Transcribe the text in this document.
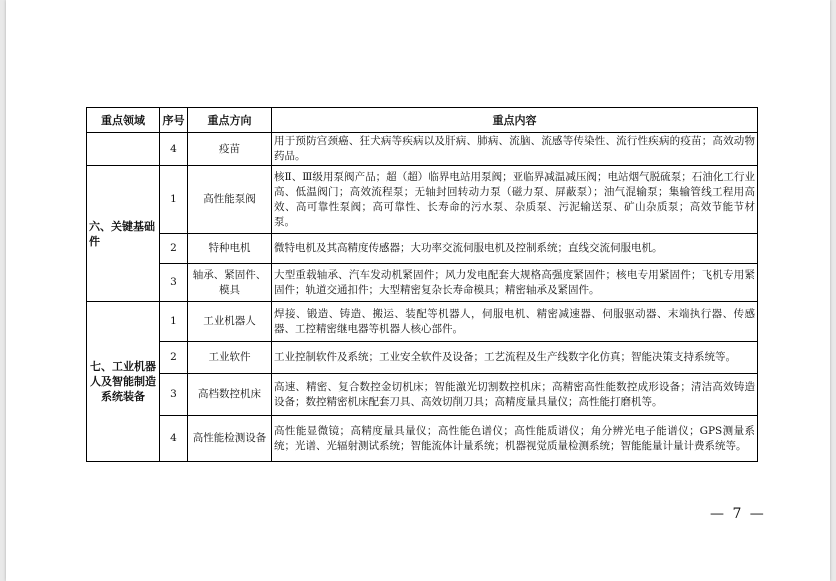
重点领域	序号	重点方向	重点内容
	4	疫苗	用于预防宫颈癌、狂犬病等疾病以及肝病、肺病、流脑、流感等传染性、流行性疾病的疫苗；高效动物药品。
六、关键基础件	1	高性能泵阀	核Ⅱ、Ⅲ级用泵阀产品；超（超）临界电站用泵阀；亚临界减温减压阀；电站烟气脱硫泵；石油化工行业高、低温阀门；高效流程泵；无轴封回转动力泵（磁力泵、屏蔽泵）；油气混输泵；集输管线工程用高效、高可靠性泵阀；高可靠性、长寿命的污水泵、杂质泵、污泥输送泵、矿山杂质泵；高效节能节材泵。
	2	特种电机	微特电机及其高精度传感器；大功率交流伺服电机及控制系统；直线交流伺服电机。
	3	轴承、紧固件、模具	大型重载轴承、汽车发动机紧固件；风力发电配套大规格高强度紧固件；核电专用紧固件；飞机专用紧固件；轨道交通扣件；大型精密复杂长寿命模具；精密轴承及紧固件。
七、工业机器人及智能制造系统装备	1	工业机器人	焊接、锻造、铸造、搬运、装配等机器人，伺服电机、精密减速器、伺服驱动器、末端执行器、传感器、工控精密继电器等机器人核心部件。
	2	工业软件	工业控制软件及系统；工业安全软件及设备；工艺流程及生产线数字化仿真；智能决策支持系统等。
	3	高档数控机床	高速、精密、复合数控金切机床；智能激光切割数控机床；高精密高性能数控成形设备；清洁高效铸造设备；数控精密机床配套刀具、高效切削刀具；高精度量具量仪；高性能打磨机等。
	4	高性能检测设备	高性能显微镜；高精度量具量仪；高性能色谱仪；高性能质谱仪；角分辨光电子能谱仪；GPS测量系统；光谱、光辐射测试系统；智能流体计量系统；机器视觉质量检测系统；智能能量计量计费系统等。
— 7 —
